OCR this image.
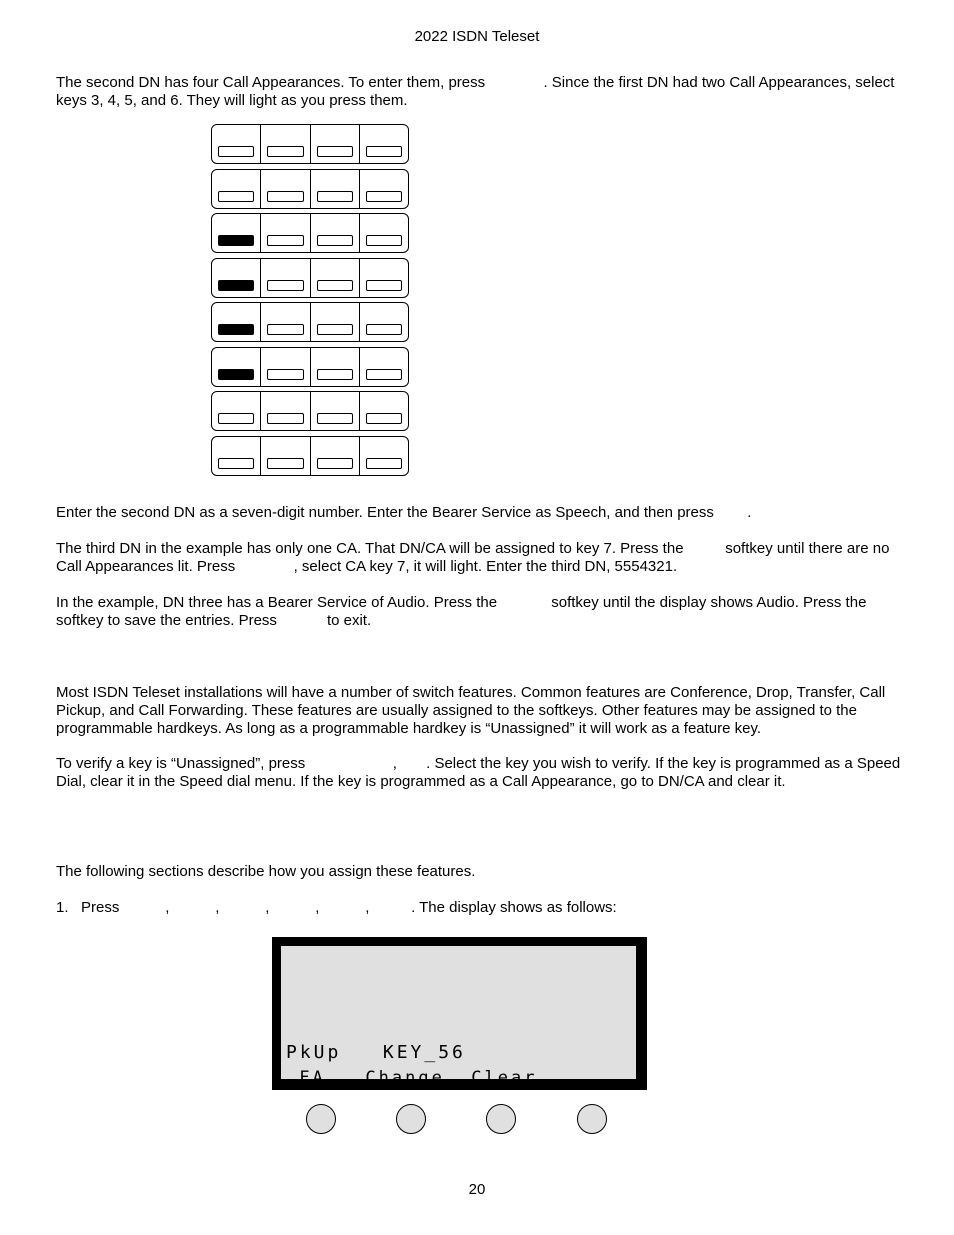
2022 ISDN Teleset

The second DN has four Call Appearances. To enter them, press              . Since the first DN had two Call Appearances, select keys 3, 4, 5, and 6. They will light as you press them.

Enter the second DN as a seven-digit number. Enter the Bearer Service as Speech, and then press        .

The third DN in the example has only one CA. That DN/CA will be assigned to key 7. Press the          softkey until there are no Call Appearances lit. Press              , select CA key 7, it will light. Enter the third DN, 5554321.

In the example, DN three has a Bearer Service of Audio. Press the             softkey until the display shows Audio. Press the           softkey to save the entries. Press            to exit.

Most ISDN Teleset installations will have a number of switch features. Common features are Conference, Drop, Transfer, Call Pickup, and Call Forwarding. These features are usually assigned to the softkeys. Other features may be assigned to the programmable hardkeys. As long as a programmable hardkey is “Unassigned” it will work as a feature key.

To verify a key is “Unassigned”, press                     ,       . Select the key you wish to verify. If the key is programmed as a Speed Dial, clear it in the Speed dial menu. If the key is programmed as a Call Appearance, go to DN/CA and clear it.

The following sections describe how you assign these features.

1.   Press           ,           ,           ,           ,           ,          . The display shows as follows:

PkUp   KEY_56
FA   Change  Clear
20
